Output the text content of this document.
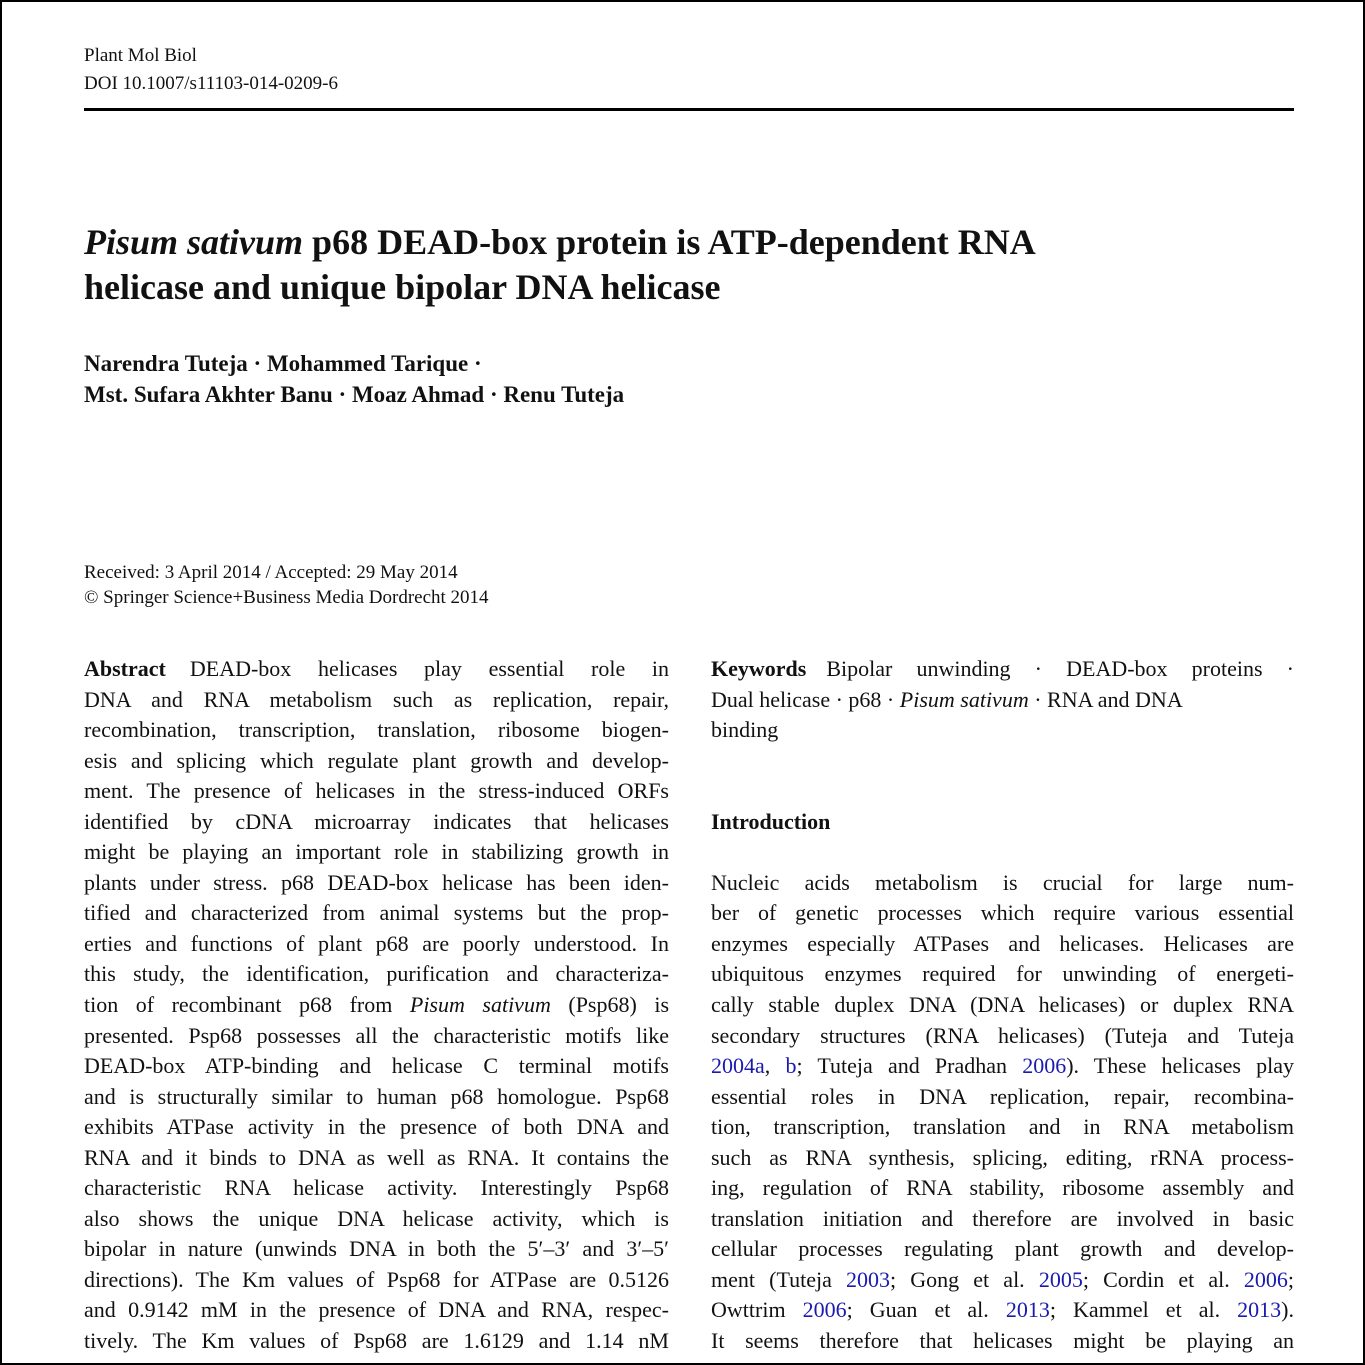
Plant Mol Biol
DOI 10.1007/s11103-014-0209-6
Pisum sativum p68 DEAD-box protein is ATP-dependent RNA
helicase and unique bipolar DNA helicase
Narendra Tuteja · Mohammed Tarique ·
Mst. Sufara Akhter Banu · Moaz Ahmad · Renu Tuteja
Received: 3 April 2014 / Accepted: 29 May 2014
© Springer Science+Business Media Dordrecht 2014

Abstract DEAD-box helicases play essential role in

DNA and RNA metabolism such as replication, repair,

recombination, transcription, translation, ribosome biogen-

esis and splicing which regulate plant growth and develop-

ment. The presence of helicases in the stress-induced ORFs

identified by cDNA microarray indicates that helicases

might be playing an important role in stabilizing growth in

plants under stress. p68 DEAD-box helicase has been iden-

tified and characterized from animal systems but the prop-

erties and functions of plant p68 are poorly understood. In

this study, the identification, purification and characteriza-

tion of recombinant p68 from Pisum sativum (Psp68) is

presented. Psp68 possesses all the characteristic motifs like

DEAD-box ATP-binding and helicase C terminal motifs

and is structurally similar to human p68 homologue. Psp68

exhibits ATPase activity in the presence of both DNA and

RNA and it binds to DNA as well as RNA. It contains the

characteristic RNA helicase activity. Interestingly Psp68

also shows the unique DNA helicase activity, which is

bipolar in nature (unwinds DNA in both the 5′–3′ and 3′–5′

directions). The Km values of Psp68 for ATPase are 0.5126

and 0.9142 mM in the presence of DNA and RNA, respec-

tively. The Km values of Psp68 are 1.6129 and 1.14 nM

Keywords Bipolar unwinding · DEAD-box proteins ·

Dual helicase · p68 · Pisum sativum · RNA and DNA

binding

Introduction

Nucleic acids metabolism is crucial for large num-

ber of genetic processes which require various essential

enzymes especially ATPases and helicases. Helicases are

ubiquitous enzymes required for unwinding of energeti-

cally stable duplex DNA (DNA helicases) or duplex RNA

secondary structures (RNA helicases) (Tuteja and Tuteja

2004a, b; Tuteja and Pradhan 2006). These helicases play

essential roles in DNA replication, repair, recombina-

tion, transcription, translation and in RNA metabolism

such as RNA synthesis, splicing, editing, rRNA process-

ing, regulation of RNA stability, ribosome assembly and

translation initiation and therefore are involved in basic

cellular processes regulating plant growth and develop-

ment (Tuteja 2003; Gong et al. 2005; Cordin et al. 2006;

Owttrim 2006; Guan et al. 2013; Kammel et al. 2013).

It seems therefore that helicases might be playing an
